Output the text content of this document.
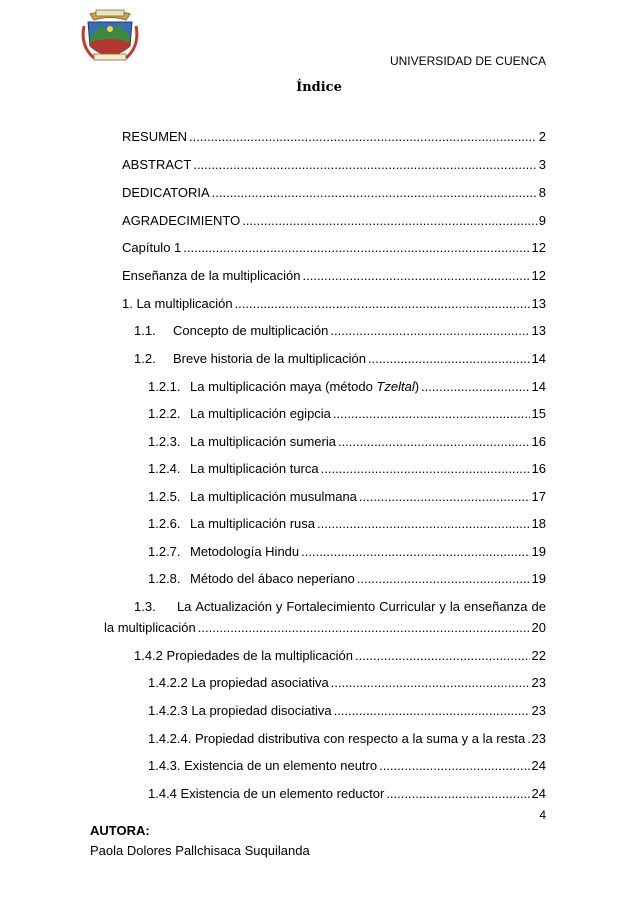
UNIVERSIDAD DE CUENCA
Índice
RESUMEN .....	2
ABSTRACT .....	3
DEDICATORIA .....	8
AGRADECIMIENTO .....	9
Capítulo 1 .....	12
Enseñanza de la multiplicación .....	12
1. La multiplicación .....	13
1.1.	Concepto de multiplicación .....	13
1.2.	Breve historia de la multiplicación .....	14
1.2.1. La multiplicación maya (método Tzeltal) .....	14
1.2.2. La multiplicación egipcia .....	15
1.2.3. La multiplicación sumeria .....	16
1.2.4. La multiplicación turca .....	16
1.2.5. La multiplicación musulmana .....	17
1.2.6. La multiplicación rusa .....	18
1.2.7. Metodología Hindu .....	19
1.2.8. Método del ábaco neperiano .....	19
1.3.	La Actualización y Fortalecimiento Curricular y la enseñanza de
la multiplicación .....	20
1.4.2 Propiedades de la multiplicación .....	22
1.4.2.2 La propiedad asociativa .....	23
1.4.2.3 La propiedad disociativa .....	23
1.4.2.4. Propiedad distributiva con respecto a la suma y a la resta ..... 23
1.4.3. Existencia de un elemento neutro .....	24
1.4.4 Existencia de un elemento reductor .....	24
4
AUTORA:
Paola Dolores Pallchisaca Suquilanda
